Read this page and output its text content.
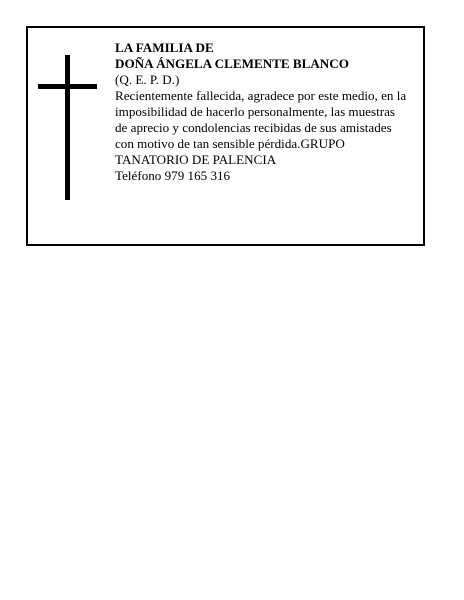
LA FAMILIA DE
DOÑA ÁNGELA CLEMENTE BLANCO
(Q. E. P. D.)
Recientemente fallecida, agradece por este medio, en la
imposibilidad de hacerlo personalmente, las muestras
de aprecio y condolencias recibidas de sus amistades
con motivo de tan sensible pérdida.GRUPO
TANATORIO DE PALENCIA
Teléfono 979 165 316
